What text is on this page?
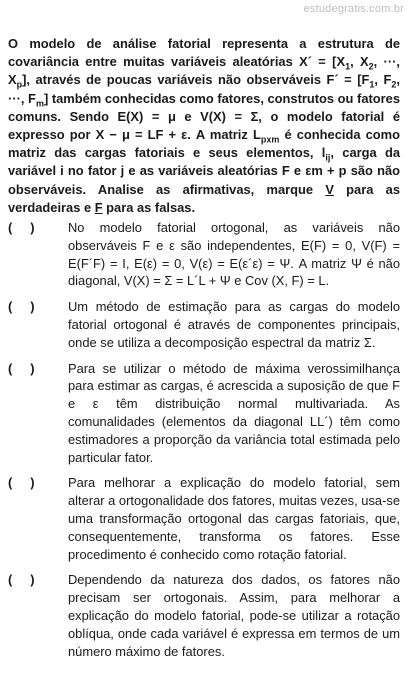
estudegratis.com.br

O modelo de análise fatorial representa a estrutura de covariância entre muitas variáveis aleatórias X´ = [$X_1$, $X_2$, ···, $X_p$], através de poucas variáveis não observáveis F´ = [$F_1$, $F_2$, ···, $F_m$] também conhecidas como fatores, construtos ou fatores comuns. Sendo E(X) = μ e V(X) = Σ, o modelo fatorial é expresso por X − μ = LF + ε. A matriz $L_{pxm}$ é conhecida como matriz das cargas fatoriais e seus elementos, $l_{ij}$, carga da variável i no fator j e as variáveis aleatórias F e εm + p são não observáveis. Analise as afirmativas, marque V para as verdadeiras e F para as falsas.

(     )	No modelo fatorial ortogonal, as variáveis não observáveis F e ε são independentes, E(F) = 0, V(F) = E(F´F) = I, E(ε) = 0, V(ε) = E(ε´ε) = Ψ. A matriz Ψ é não diagonal, V(X) = Σ = L´L + Ψ e Cov (X, F) = L.
(     )	Um método de estimação para as cargas do modelo fatorial ortogonal é através de componentes principais, onde se utiliza a decomposição espectral da matriz Σ.
(     )	Para se utilizar o método de máxima verossimilhança para estimar as cargas, é acrescida a suposição de que F e ε têm distribuição normal multivariada. As comunalidades (elementos da diagonal LL´) têm como estimadores a proporção da variância total estimada pelo particular fator.
(     )	Para melhorar a explicação do modelo fatorial, sem alterar a ortogonalidade dos fatores, muitas vezes, usa-se uma transformação ortogonal das cargas fatoriais, que, consequentemente, transforma os fatores. Esse procedimento é conhecido como rotação fatorial.
(     )	Dependendo da natureza dos dados, os fatores não precisam ser ortogonais. Assim, para melhorar a explicação do modelo fatorial, pode-se utilizar a rotação oblíqua, onde cada variável é expressa em termos de um número máximo de fatores.
